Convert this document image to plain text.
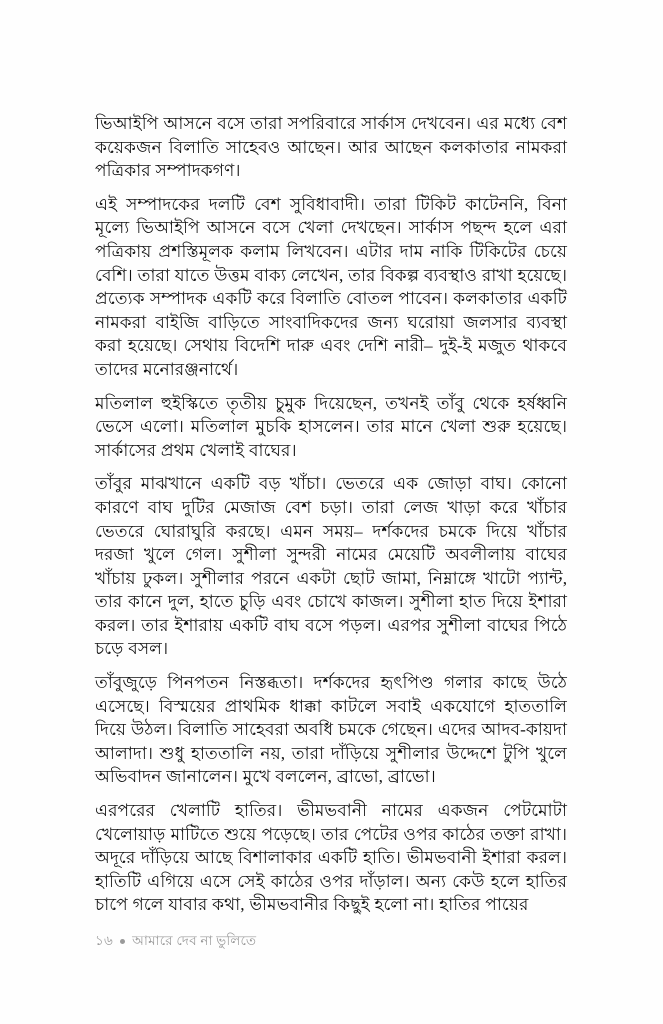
ভিআইপি আসনে বসে তারা সপরিবারে সার্কাস দেখবেন। এর মধ্যে বেশ কয়েকজন বিলাতি সাহেবও আছেন। আর আছেন কলকাতার নামকরা পত্রিকার সম্পাদকগণ।

এই সম্পাদকের দলটি বেশ সুবিধাবাদী। তারা টিকিট কাটেননি, বিনা মূল্যে ভিআইপি আসনে বসে খেলা দেখছেন। সার্কাস পছন্দ হলে এরা পত্রিকায় প্রশস্তিমূলক কলাম লিখবেন। এটার দাম নাকি টিকিটের চেয়ে বেশি। তারা যাতে উত্তম বাক্য লেখেন, তার বিকল্প ব্যবস্থাও রাখা হয়েছে। প্রত্যেক সম্পাদক একটি করে বিলাতি বোতল পাবেন। কলকাতার একটি নামকরা বাইজি বাড়িতে সাংবাদিকদের জন্য ঘরোয়া জলসার ব্যবস্থা করা হয়েছে। সেথায় বিদেশি দারু এবং দেশি নারী– দুই-ই মজুত থাকবে তাদের মনোরঞ্জনার্থে।

মতিলাল হুইস্কিতে তৃতীয় চুমুক দিয়েছেন, তখনই তাঁবু থেকে হর্ষধ্বনি ভেসে এলো। মতিলাল মুচকি হাসলেন। তার মানে খেলা শুরু হয়েছে। সার্কাসের প্রথম খেলাই বাঘের।

তাঁবুর মাঝখানে একটি বড় খাঁচা। ভেতরে এক জোড়া বাঘ। কোনো কারণে বাঘ দুটির মেজাজ বেশ চড়া। তারা লেজ খাড়া করে খাঁচার ভেতরে ঘোরাঘুরি করছে। এমন সময়– দর্শকদের চমকে দিয়ে খাঁচার দরজা খুলে গেল। সুশীলা সুন্দরী নামের মেয়েটি অবলীলায় বাঘের খাঁচায় ঢুকল। সুশীলার পরনে একটা ছোট জামা, নিম্নাঙ্গে খাটো প্যান্ট, তার কানে দুল, হাতে চুড়ি এবং চোখে কাজল। সুশীলা হাত দিয়ে ইশারা করল। তার ইশারায় একটি বাঘ বসে পড়ল। এরপর সুশীলা বাঘের পিঠে চড়ে বসল।

তাঁবুজুড়ে পিনপতন নিস্তব্ধতা। দর্শকদের হৃৎপিণ্ড গলার কাছে উঠে এসেছে। বিস্ময়ের প্রাথমিক ধাক্কা কাটলে সবাই একযোগে হাততালি দিয়ে উঠল। বিলাতি সাহেবরা অবধি চমকে গেছেন। এদের আদব-কায়দা আলাদা। শুধু হাততালি নয়, তারা দাঁড়িয়ে সুশীলার উদ্দেশে টুপি খুলে অভিবাদন জানালেন। মুখে বললেন, ব্রাভো, ব্রাভো।

এরপরের খেলাটি হাতির। ভীমভবানী নামের একজন পেটমোটা খেলোয়াড় মাটিতে শুয়ে পড়েছে। তার পেটের ওপর কাঠের তক্তা রাখা। অদূরে দাঁড়িয়ে আছে বিশালাকার একটি হাতি। ভীমভবানী ইশারা করল। হাতিটি এগিয়ে এসে সেই কাঠের ওপর দাঁড়াল। অন্য কেউ হলে হাতির চাপে গলে যাবার কথা, ভীমভবানীর কিছুই হলো না। হাতির পায়ের

১৬ আমারে দেব না ভুলিতে
